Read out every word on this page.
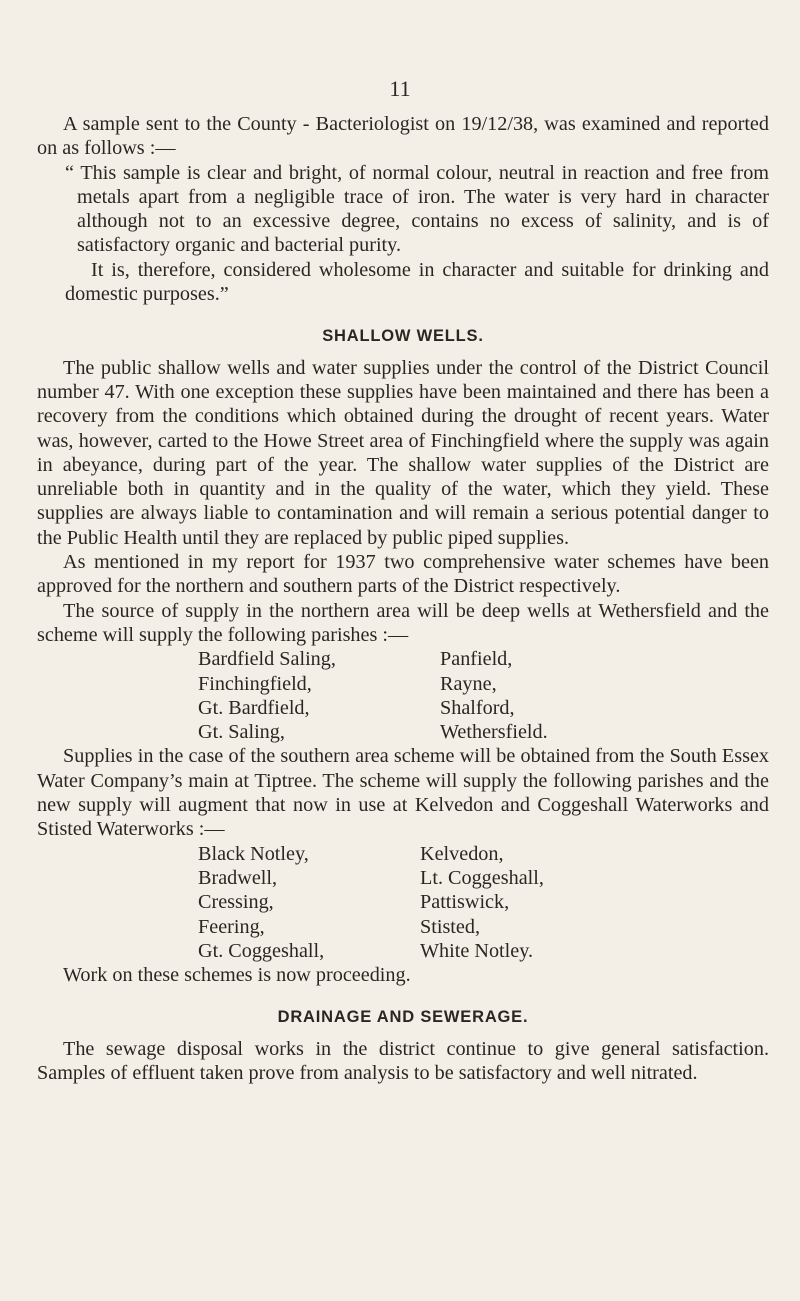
11

A sample sent to the County - Bacteriologist on 19/12/38, was examined and reported on as follows :—

“ This sample is clear and bright, of normal colour, neutral in reaction and free from metals apart from a negligible trace of iron. The water is very hard in character although not to an excessive degree, contains no excess of salinity, and is of satisfactory organic and bacterial purity.

It is, therefore, considered wholesome in character and suitable for drinking and domestic purposes.”

SHALLOW WELLS.

The public shallow wells and water supplies under the control of the District Council number 47. With one exception these supplies have been maintained and there has been a recovery from the conditions which obtained during the drought of recent years. Water was, however, carted to the Howe Street area of Finchingfield where the supply was again in abeyance, during part of the year. The shallow water supplies of the District are unreliable both in quantity and in the quality of the water, which they yield. These supplies are always liable to contamination and will remain a serious potential danger to the Public Health until they are replaced by public piped supplies.

As mentioned in my report for 1937 two comprehensive water schemes have been approved for the northern and southern parts of the District respectively.

The source of supply in the northern area will be deep wells at Wethersfield and the scheme will supply the following parishes :—

Bardfield Saling,	Panfield,
Finchingfield,	Rayne,
Gt. Bardfield,	Shalford,
Gt. Saling,	Wethersfield.

Supplies in the case of the southern area scheme will be obtained from the South Essex Water Company’s main at Tiptree. The scheme will supply the following parishes and the new supply will augment that now in use at Kelvedon and Coggeshall Waterworks and Stisted Waterworks :—

Black Notley,	Kelvedon,
Bradwell,	Lt. Coggeshall,
Cressing,	Pattiswick,
Feering,	Stisted,
Gt. Coggeshall,	White Notley.

Work on these schemes is now proceeding.

DRAINAGE AND SEWERAGE.

The sewage disposal works in the district continue to give general satisfaction. Samples of effluent taken prove from analysis to be satisfactory and well nitrated.
